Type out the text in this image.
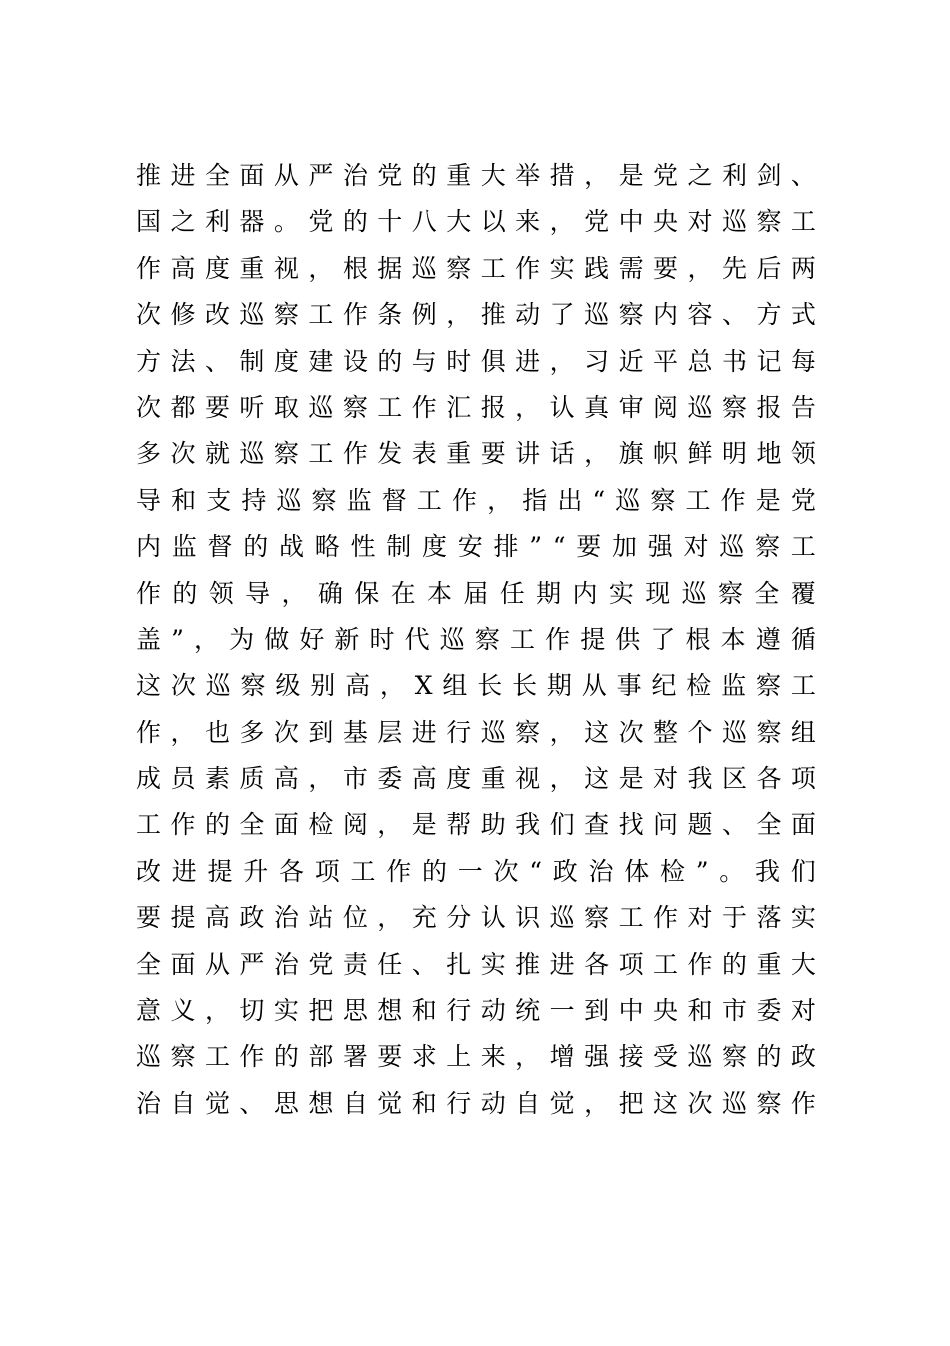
推 进 全 面 从 严 治 党 的 重 大 举 措 ， 是 党 之 利 剑 、
国 之 利 器 。 党 的 十 八 大 以 来 ， 党 中 央 对 巡 察 工
作 高 度 重 视 ， 根 据 巡 察 工 作 实 践 需 要 ， 先 后 两
次 修 改 巡 察 工 作 条 例 ， 推 动 了 巡 察 内 容 、 方 式
方 法 、 制 度 建 设 的 与 时 俱 进 ， 习 近 平 总 书 记 每
次 都 要 听 取 巡 察 工 作 汇 报 ， 认 真 审 阅 巡 察 报 告
多 次 就 巡 察 工 作 发 表 重 要 讲 话 ， 旗 帜 鲜 明 地 领
导 和 支 持 巡 察 监 督 工 作 ， 指 出 “ 巡 察 工 作 是 党
内 监 督 的 战 略 性 制 度 安 排 ” “ 要 加 强 对 巡 察 工
作 的 领 导 ， 确 保 在 本 届 任 期 内 实 现 巡 察 全 覆
盖 ” ， 为 做 好 新 时 代 巡 察 工 作 提 供 了 根 本 遵 循
这 次 巡 察 级 别 高 ， X 组 长 长 期 从 事 纪 检 监 察 工
作 ， 也 多 次 到 基 层 进 行 巡 察 ， 这 次 整 个 巡 察 组
成 员 素 质 高 ， 市 委 高 度 重 视 ， 这 是 对 我 区 各 项
工 作 的 全 面 检 阅 ， 是 帮 助 我 们 查 找 问 题 、 全 面
改 进 提 升 各 项 工 作 的 一 次 “ 政 治 体 检 ” 。 我 们
要 提 高 政 治 站 位 ， 充 分 认 识 巡 察 工 作 对 于 落 实
全 面 从 严 治 党 责 任 、 扎 实 推 进 各 项 工 作 的 重 大
意 义 ， 切 实 把 思 想 和 行 动 统 一 到 中 央 和 市 委 对
巡 察 工 作 的 部 署 要 求 上 来 ， 增 强 接 受 巡 察 的 政
治 自 觉 、 思 想 自 觉 和 行 动 自 觉 ， 把 这 次 巡 察 作
